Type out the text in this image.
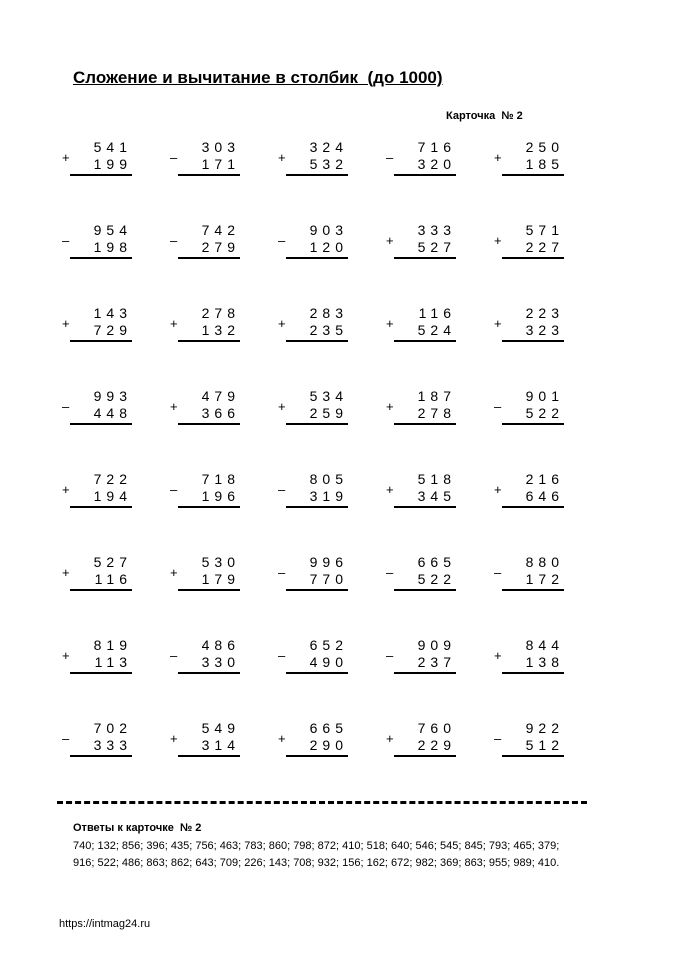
Сложение и вычитание в столбик  (до 1000)
Карточка  № 2
+
541
199	–
303
171	+
324
532	–
716
320	+
250
185
–
954
198	–
742
279	–
903
120	+
333
527	+
571
227
+
143
729	+
278
132	+
283
235	+
116
524	+
223
323
–
993
448	+
479
366	+
534
259	+
187
278	–
901
522
+
722
194	–
718
196	–
805
319	+
518
345	+
216
646
+
527
116	+
530
179	–
996
770	–
665
522	–
880
172
+
819
113	–
486
330	–
652
490	–
909
237	+
844
138
–
702
333	+
549
314	+
665
290	+
760
229	–
922
512
Ответы к карточке  № 2
740; 132; 856; 396; 435; 756; 463; 783; 860; 798; 872; 410; 518; 640; 546; 545; 845; 793; 465; 379; 916; 522; 486; 863; 862; 643; 709; 226; 143; 708; 932; 156; 162; 672; 982; 369; 863; 955; 989; 410.
https://intmag24.ru
